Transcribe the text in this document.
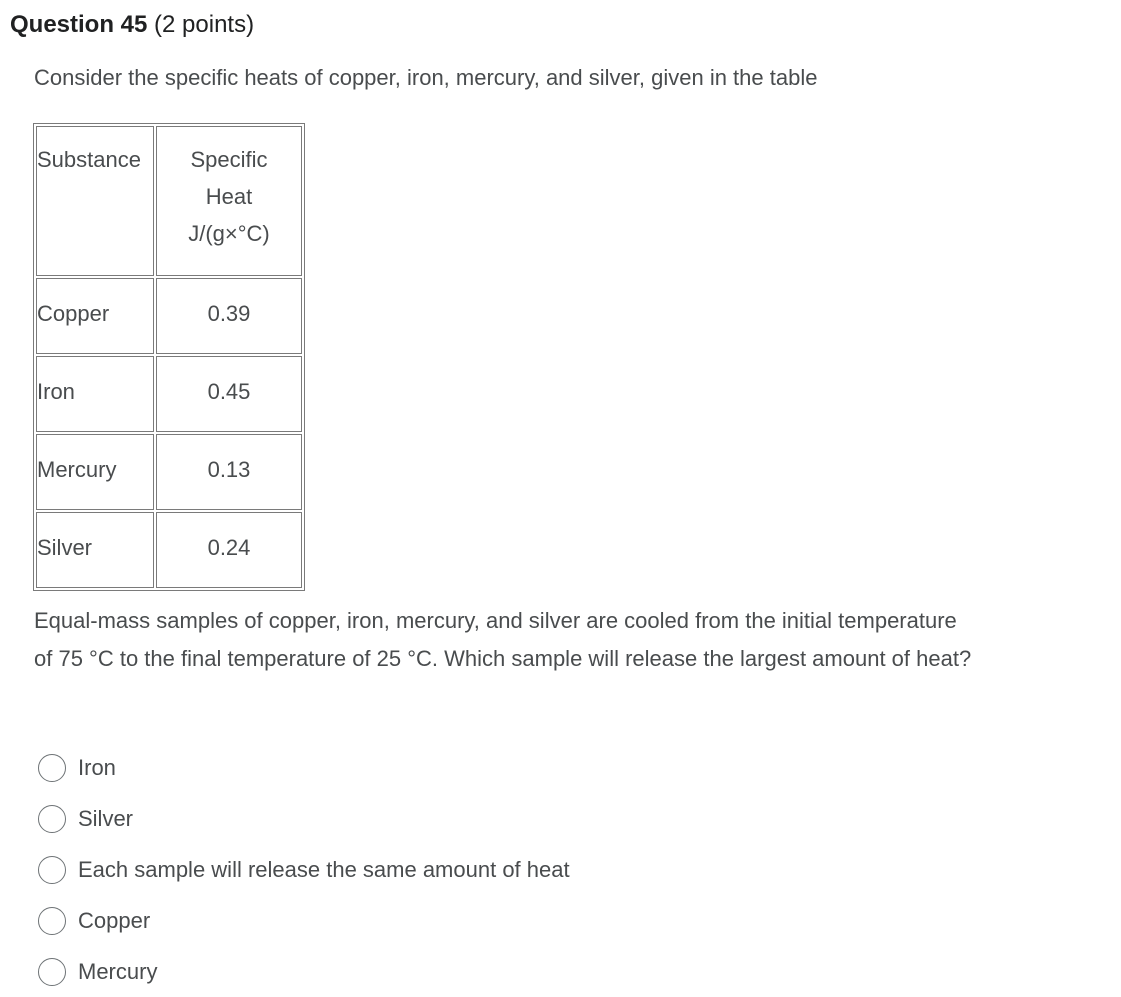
Question 45 (2 points)
Consider the specific heats of copper, iron, mercury, and silver, given in the table
Substance	Specific
Heat
J/(g×°C)

Copper	0.39

Iron	0.45

Mercury	0.13

Silver	0.24
Equal-mass samples of copper, iron, mercury, and silver are cooled from the initial temperature of 75 °C to the final temperature of 25 °C. Which sample will release the largest amount of heat?
Iron
Silver
Each sample will release the same amount of heat
Copper
Mercury
